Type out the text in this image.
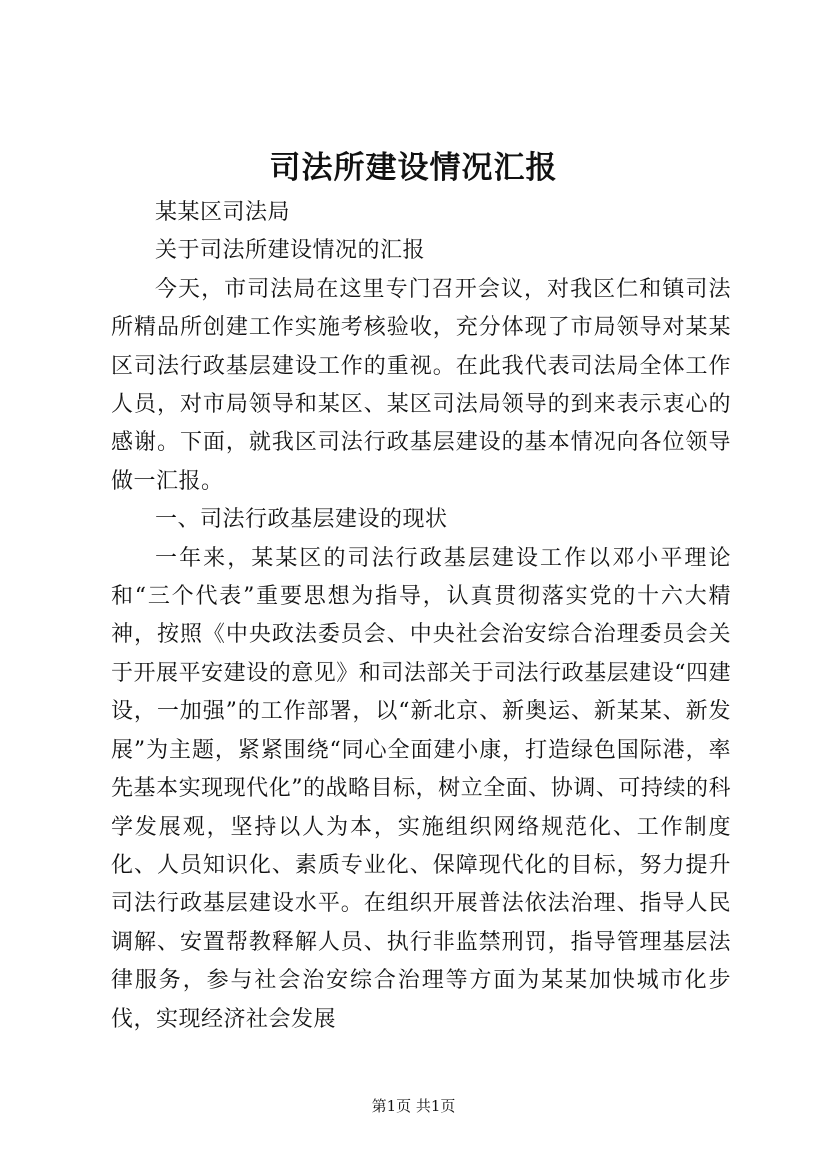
司法所建设情况汇报

某某区司法局

关于司法所建设情况的汇报

今天，市司法局在这里专门召开会议，对我区仁和镇司法所精品所创建工作实施考核验收，充分体现了市局领导对某某区司法行政基层建设工作的重视。在此我代表司法局全体工作人员，对市局领导和某区、某区司法局领导的到来表示衷心的感谢。下面，就我区司法行政基层建设的基本情况向各位领导做一汇报。

一、司法行政基层建设的现状

一年来，某某区的司法行政基层建设工作以邓小平理论和“三个代表”重要思想为指导，认真贯彻落实党的十六大精神，按照《中央政法委员会、中央社会治安综合治理委员会关于开展平安建设的意见》和司法部关于司法行政基层建设“四建设，一加强”的工作部署，以“新北京、新奥运、新某某、新发展”为主题，紧紧围绕“同心全面建小康，打造绿色国际港，率先基本实现现代化”的战略目标，树立全面、协调、可持续的科学发展观，坚持以人为本，实施组织网络规范化、工作制度化、人员知识化、素质专业化、保障现代化的目标，努力提升司法行政基层建设水平。在组织开展普法依法治理、指导人民调解、安置帮教释解人员、执行非监禁刑罚，指导管理基层法律服务，参与社会治安综合治理等方面为某某加快城市化步伐，实现经济社会发展

第1页 共1页
